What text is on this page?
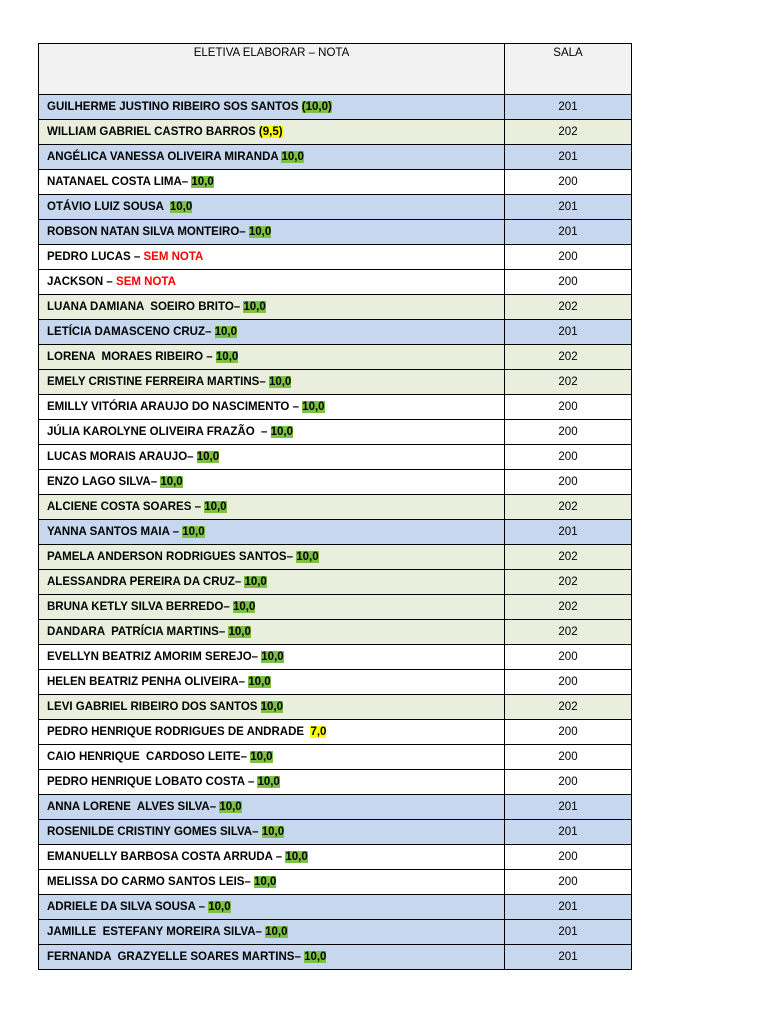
ELETIVA ELABORAR – NOTA	SALA
GUILHERME JUSTINO RIBEIRO SOS SANTOS (10,0)	201
WILLIAM GABRIEL CASTRO BARROS (9,5)	202
ANGÉLICA VANESSA OLIVEIRA MIRANDA 10,0	201
NATANAEL COSTA LIMA– 10,0	200
OTÁVIO LUIZ SOUSA  10,0	201
ROBSON NATAN SILVA MONTEIRO– 10,0	201
PEDRO LUCAS – SEM NOTA	200
JACKSON – SEM NOTA	200
LUANA DAMIANA  SOEIRO BRITO– 10,0	202
LETÍCIA DAMASCENO CRUZ– 10,0	201
LORENA  MORAES RIBEIRO – 10,0	202
EMELY CRISTINE FERREIRA MARTINS– 10,0	202
EMILLY VITÓRIA ARAUJO DO NASCIMENTO – 10,0	200
JÚLIA KAROLYNE OLIVEIRA FRAZÃO  – 10,0	200
LUCAS MORAIS ARAUJO– 10,0	200
ENZO LAGO SILVA– 10,0	200
ALCIENE COSTA SOARES – 10,0	202
YANNA SANTOS MAIA – 10,0	201
PAMELA ANDERSON RODRIGUES SANTOS– 10,0	202
ALESSANDRA PEREIRA DA CRUZ– 10,0	202
BRUNA KETLY SILVA BERREDO– 10,0	202
DANDARA  PATRÍCIA MARTINS– 10,0	202
EVELLYN BEATRIZ AMORIM SEREJO– 10,0	200
HELEN BEATRIZ PENHA OLIVEIRA– 10,0	200
LEVI GABRIEL RIBEIRO DOS SANTOS 10,0	202
PEDRO HENRIQUE RODRIGUES DE ANDRADE  7,0	200
CAIO HENRIQUE  CARDOSO LEITE– 10,0	200
PEDRO HENRIQUE LOBATO COSTA – 10,0	200
ANNA LORENE  ALVES SILVA– 10,0	201
ROSENILDE CRISTINY GOMES SILVA– 10,0	201
EMANUELLY BARBOSA COSTA ARRUDA – 10,0	200
MELISSA DO CARMO SANTOS LEIS– 10,0	200
ADRIELE DA SILVA SOUSA – 10,0	201
JAMILLE  ESTEFANY MOREIRA SILVA– 10,0	201
FERNANDA  GRAZYELLE SOARES MARTINS– 10,0	201
